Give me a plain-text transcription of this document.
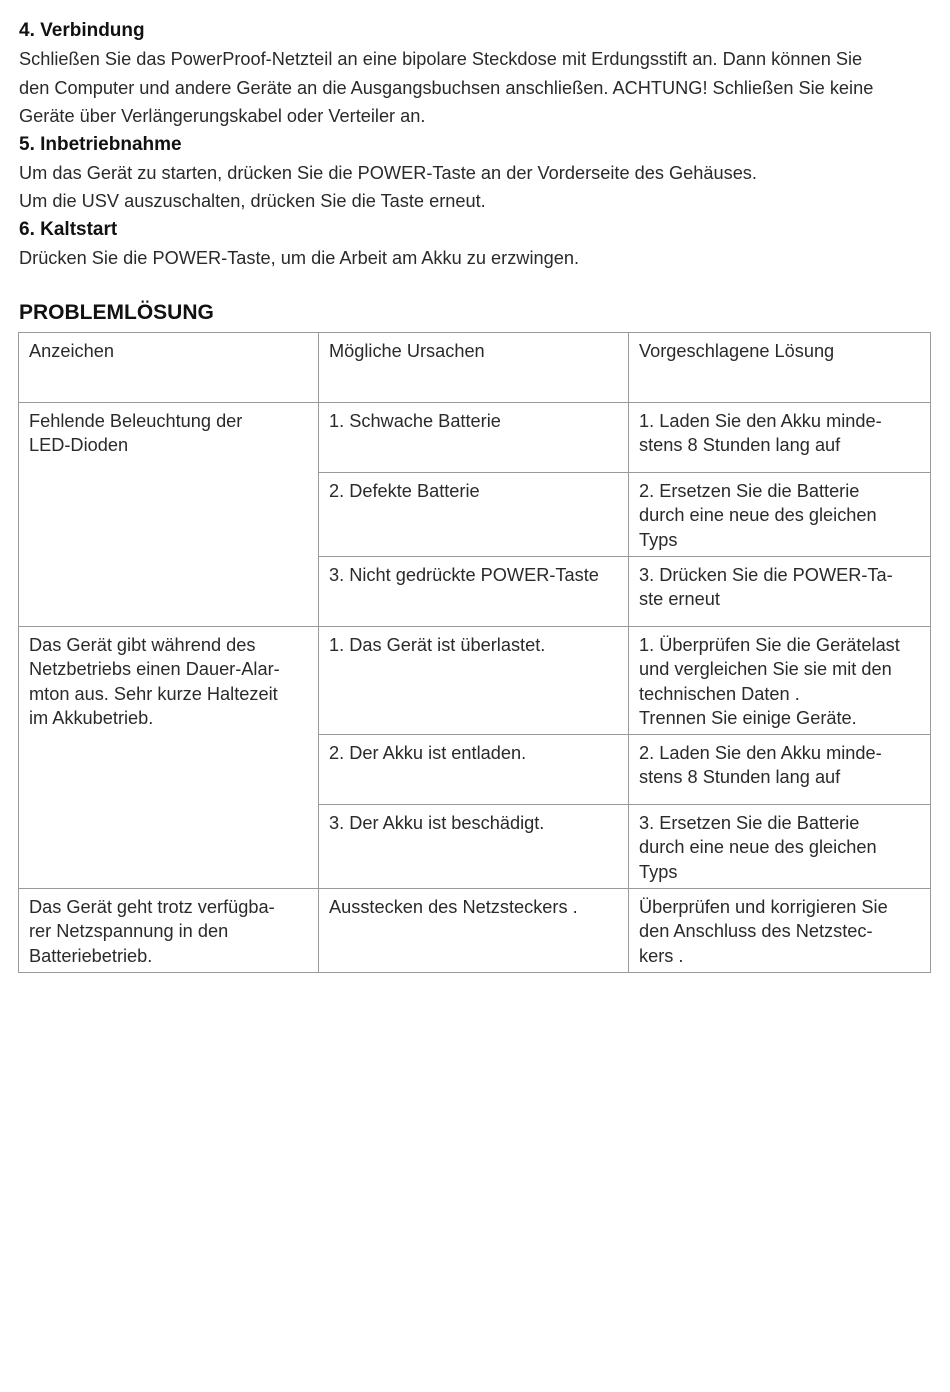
4. Verbindung

Schließen Sie das PowerProof-Netzteil an eine bipolare Steckdose mit Erdungsstift an. Dann können Sie
den Computer und andere Geräte an die Ausgangsbuchsen anschließen. ACHTUNG! Schließen Sie keine
Geräte über Verlängerungskabel oder Verteiler an.

5. Inbetriebnahme

Um das Gerät zu starten, drücken Sie die POWER-Taste an der Vorderseite des Gehäuses.
Um die USV auszuschalten, drücken Sie die Taste erneut.

6. Kaltstart

Drücken Sie die POWER-Taste, um die Arbeit am Akku zu erzwingen.

PROBLEMLÖSUNG
Anzeichen	Mögliche Ursachen	Vorgeschlagene Lösung

Fehlende Beleuchtung der
LED-Dioden	1. Schwache Batterie	1. Laden Sie den Akku minde-
stens 8 Stunden lang auf

	2. Defekte Batterie	2. Ersetzen Sie die Batterie
durch eine neue des gleichen
Typs

	3. Nicht gedrückte POWER-Taste	3. Drücken Sie die POWER-Ta-
ste erneut

Das Gerät gibt während des
Netzbetriebs einen Dauer-Alar-
mton aus. Sehr kurze Haltezeit
im Akkubetrieb.	1. Das Gerät ist überlastet.	1. Überprüfen Sie die Gerätelast
und vergleichen Sie sie mit den
technischen Daten .
Trennen Sie einige Geräte.

	2. Der Akku ist entladen.	2. Laden Sie den Akku minde-
stens 8 Stunden lang auf

	3. Der Akku ist beschädigt.	3. Ersetzen Sie die Batterie
durch eine neue des gleichen
Typs

Das Gerät geht trotz verfügba-
rer Netzspannung in den
Batteriebetrieb.	Ausstecken des Netzsteckers .	Überprüfen und korrigieren Sie
den Anschluss des Netzstec-
kers .
